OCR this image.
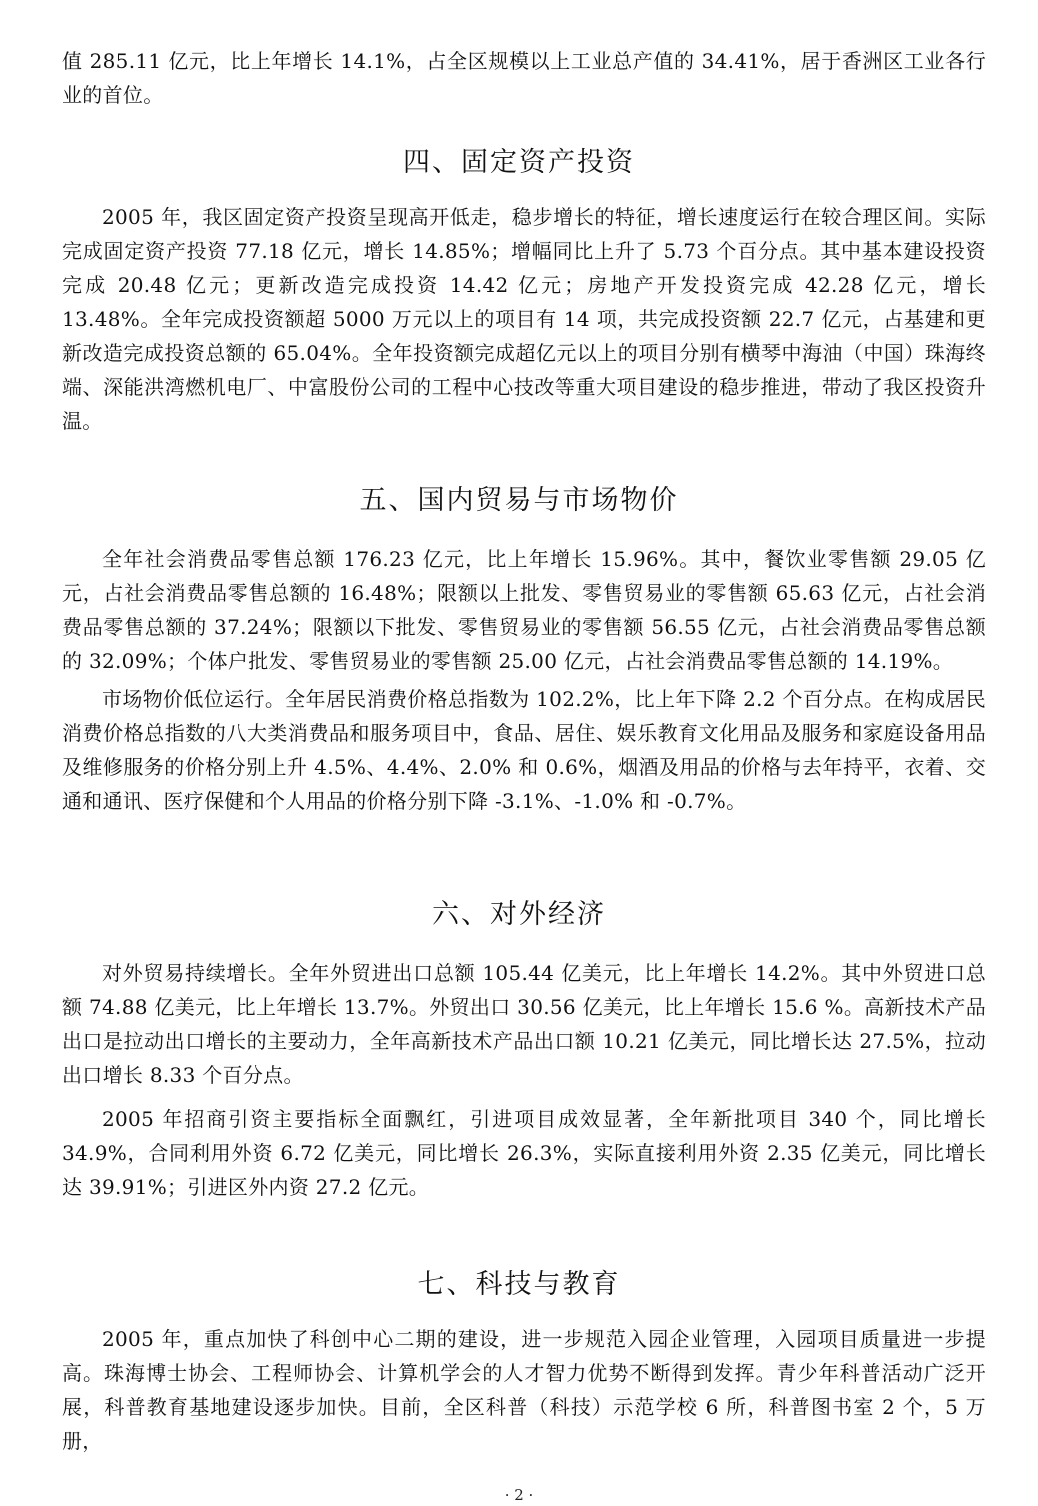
值 285.11 亿元，比上年增长 14.1%，占全区规模以上工业总产值的 34.41%，居于香洲区工业各行业的首位。

四、固定资产投资

2005 年，我区固定资产投资呈现高开低走，稳步增长的特征，增长速度运行在较合理区间。实际完成固定资产投资 77.18 亿元，增长 14.85%；增幅同比上升了 5.73 个百分点。其中基本建设投资完成 20.48 亿元；更新改造完成投资 14.42 亿元；房地产开发投资完成 42.28 亿元，增长 13.48%。全年完成投资额超 5000 万元以上的项目有 14 项，共完成投资额 22.7 亿元，占基建和更新改造完成投资总额的 65.04%。全年投资额完成超亿元以上的项目分别有横琴中海油（中国）珠海终端、深能洪湾燃机电厂、中富股份公司的工程中心技改等重大项目建设的稳步推进，带动了我区投资升温。

五、国内贸易与市场物价

全年社会消费品零售总额 176.23 亿元，比上年增长 15.96%。其中，餐饮业零售额 29.05 亿元，占社会消费品零售总额的 16.48%；限额以上批发、零售贸易业的零售额 65.63 亿元，占社会消费品零售总额的 37.24%；限额以下批发、零售贸易业的零售额 56.55 亿元，占社会消费品零售总额的 32.09%；个体户批发、零售贸易业的零售额 25.00 亿元，占社会消费品零售总额的 14.19%。

市场物价低位运行。全年居民消费价格总指数为 102.2%，比上年下降 2.2 个百分点。在构成居民消费价格总指数的八大类消费品和服务项目中，食品、居住、娱乐教育文化用品及服务和家庭设备用品及维修服务的价格分别上升 4.5%、4.4%、2.0% 和 0.6%，烟酒及用品的价格与去年持平，衣着、交通和通讯、医疗保健和个人用品的价格分别下降 -3.1%、-1.0% 和 -0.7%。

六、对外经济

对外贸易持续增长。全年外贸进出口总额 105.44 亿美元，比上年增长 14.2%。其中外贸进口总额 74.88 亿美元，比上年增长 13.7%。外贸出口 30.56 亿美元，比上年增长 15.6 %。高新技术产品出口是拉动出口增长的主要动力，全年高新技术产品出口额 10.21 亿美元，同比增长达 27.5%，拉动出口增长 8.33 个百分点。

2005 年招商引资主要指标全面飘红，引进项目成效显著，全年新批项目 340 个，同比增长 34.9%，合同利用外资 6.72 亿美元，同比增长 26.3%，实际直接利用外资 2.35 亿美元，同比增长达 39.91%；引进区外内资 27.2 亿元。

七、科技与教育

2005 年，重点加快了科创中心二期的建设，进一步规范入园企业管理，入园项目质量进一步提高。珠海博士协会、工程师协会、计算机学会的人才智力优势不断得到发挥。青少年科普活动广泛开展，科普教育基地建设逐步加快。目前，全区科普（科技）示范学校 6 所，科普图书室 2 个，5 万册，

· 2 ·
